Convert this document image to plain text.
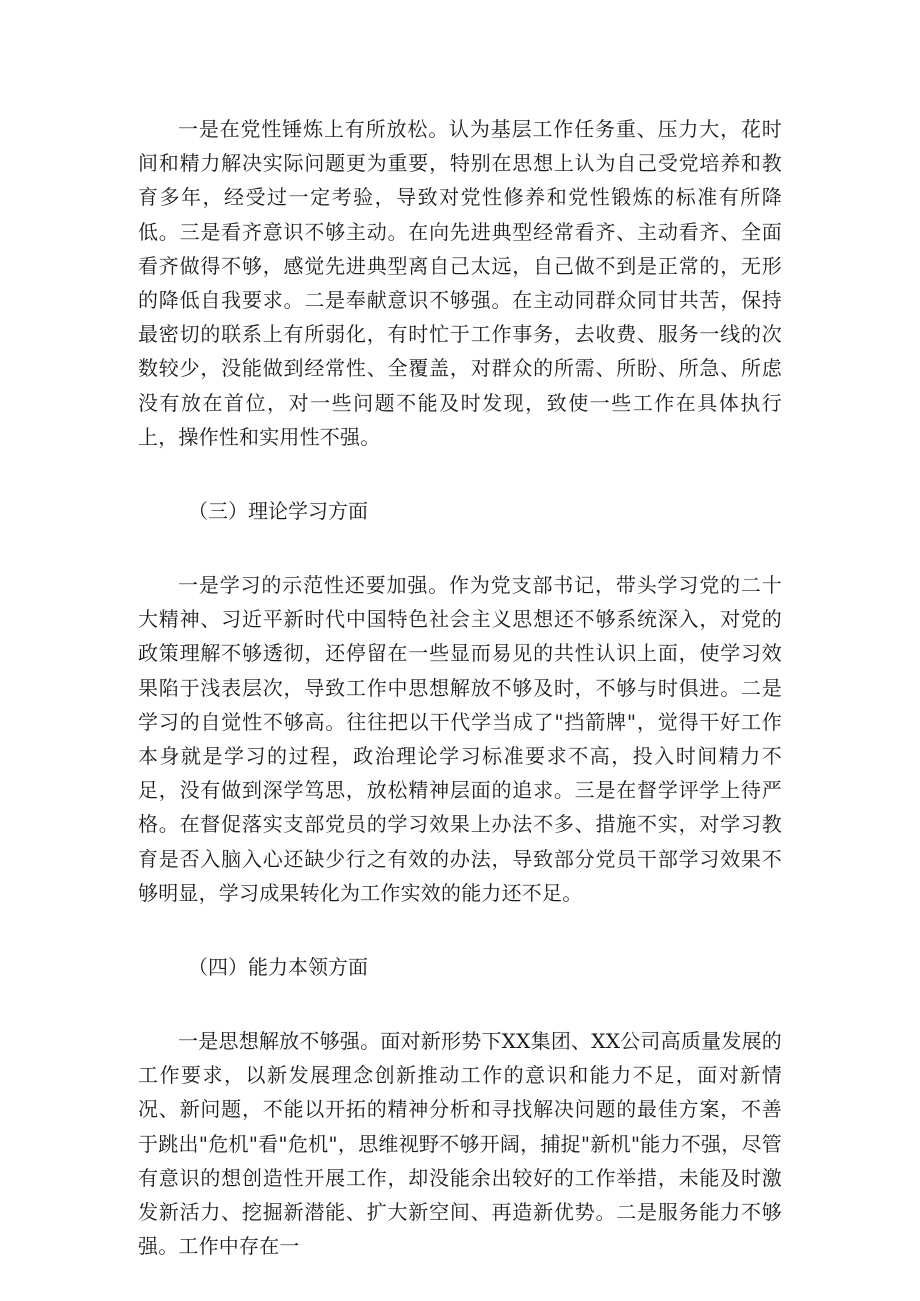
一是在党性锤炼上有所放松。认为基层工作任务重、压力大，花时间和精力解决实际问题更为重要，特别在思想上认为自己受党培养和教育多年，经受过一定考验，导致对党性修养和党性锻炼的标准有所降低。三是看齐意识不够主动。在向先进典型经常看齐、主动看齐、全面看齐做得不够，感觉先进典型离自己太远，自己做不到是正常的，无形的降低自我要求。二是奉献意识不够强。在主动同群众同甘共苦，保持最密切的联系上有所弱化，有时忙于工作事务，去收费、服务一线的次数较少，没能做到经常性、全覆盖，对群众的所需、所盼、所急、所虑没有放在首位，对一些问题不能及时发现，致使一些工作在具体执行上，操作性和实用性不强。

（三）理论学习方面

一是学习的示范性还要加强。作为党支部书记，带头学习党的二十大精神、习近平新时代中国特色社会主义思想还不够系统深入，对党的政策理解不够透彻，还停留在一些显而易见的共性认识上面，使学习效果陷于浅表层次，导致工作中思想解放不够及时，不够与时俱进。二是学习的自觉性不够高。往往把以干代学当成了"挡箭牌"，觉得干好工作本身就是学习的过程，政治理论学习标准要求不高，投入时间精力不足，没有做到深学笃思，放松精神层面的追求。三是在督学评学上待严格。在督促落实支部党员的学习效果上办法不多、措施不实，对学习教育是否入脑入心还缺少行之有效的办法，导致部分党员干部学习效果不够明显，学习成果转化为工作实效的能力还不足。

（四）能力本领方面

一是思想解放不够强。面对新形势下XX集团、XX公司高质量发展的工作要求，以新发展理念创新推动工作的意识和能力不足，面对新情况、新问题，不能以开拓的精神分析和寻找解决问题的最佳方案，不善于跳出"危机"看"危机"，思维视野不够开阔，捕捉"新机"能力不强，尽管有意识的想创造性开展工作，却没能余出较好的工作举措，未能及时激发新活力、挖掘新潜能、扩大新空间、再造新优势。二是服务能力不够强。工作中存在一
